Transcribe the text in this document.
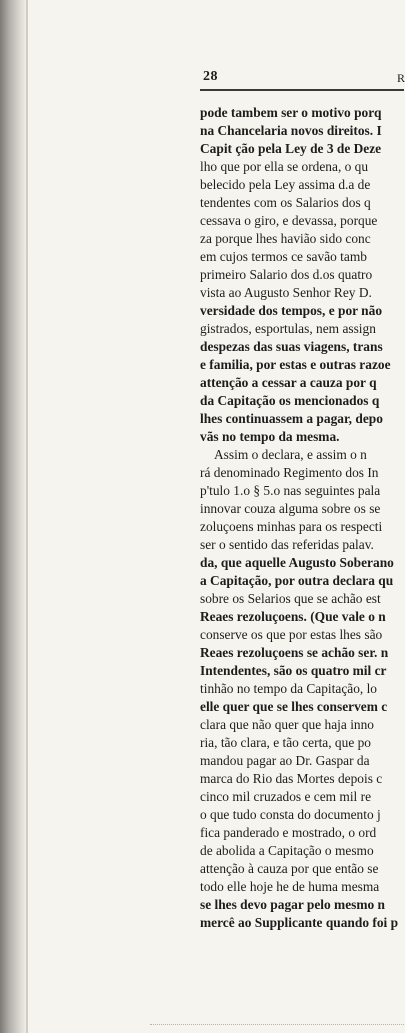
28	R
pode tambem ser o motivo porq
na Chancelaria novos direitos. I
Capit ção pela Ley de 3 de Deze
lho que por ella se ordena, o qu
belecido pela Ley assima d.a de
tendentes com os Salarios dos q
cessava o giro, e devassa, porque
za porque lhes havião sido conc
em cujos termos ce savão tamb
primeiro Salario dos d.os quatro
vista ao Augusto Senhor Rey D.
versidade dos tempos, e por não
gistrados, esportulas, nem assign
despezas das suas viagens, trans
e familia, por estas e outras razoe
attenção a cessar a cauza por q
da Capitação os mencionados q
lhes continuassem a pagar, depo
vãs no tempo da mesma.
Assim o declara, e assim o n
rá denominado Regimento dos In
p'tulo 1.o § 5.o nas seguintes pala
innovar couza alguma sobre os se
zoluçoens minhas para os respecti
ser o sentido das referidas palav.
da, que aquelle Augusto Soberano
a Capitação, por outra declara qu
sobre os Selarios que se achão est
Reaes rezoluçoens. (Que vale o n
conserve os que por estas lhes são
Reaes rezoluçoens se achão ser. n
Intendentes, são os quatro mil cr
tinhão no tempo da Capitação, lo
elle quer que se lhes conservem c
clara que não quer que haja inno
ria, tão clara, e tão certa, que po
mandou pagar ao Dr. Gaspar da
marca do Rio das Mortes depois c
cinco mil cruzados e cem mil re
o que tudo consta do documento j
fica panderado e mostrado, o ord
de abolida a Capitação o mesmo
attenção à cauza por que então se
todo elle hoje he de huma mesma
se lhes devo pagar pelo mesmo n
mercê ao Supplicante quando foi p
